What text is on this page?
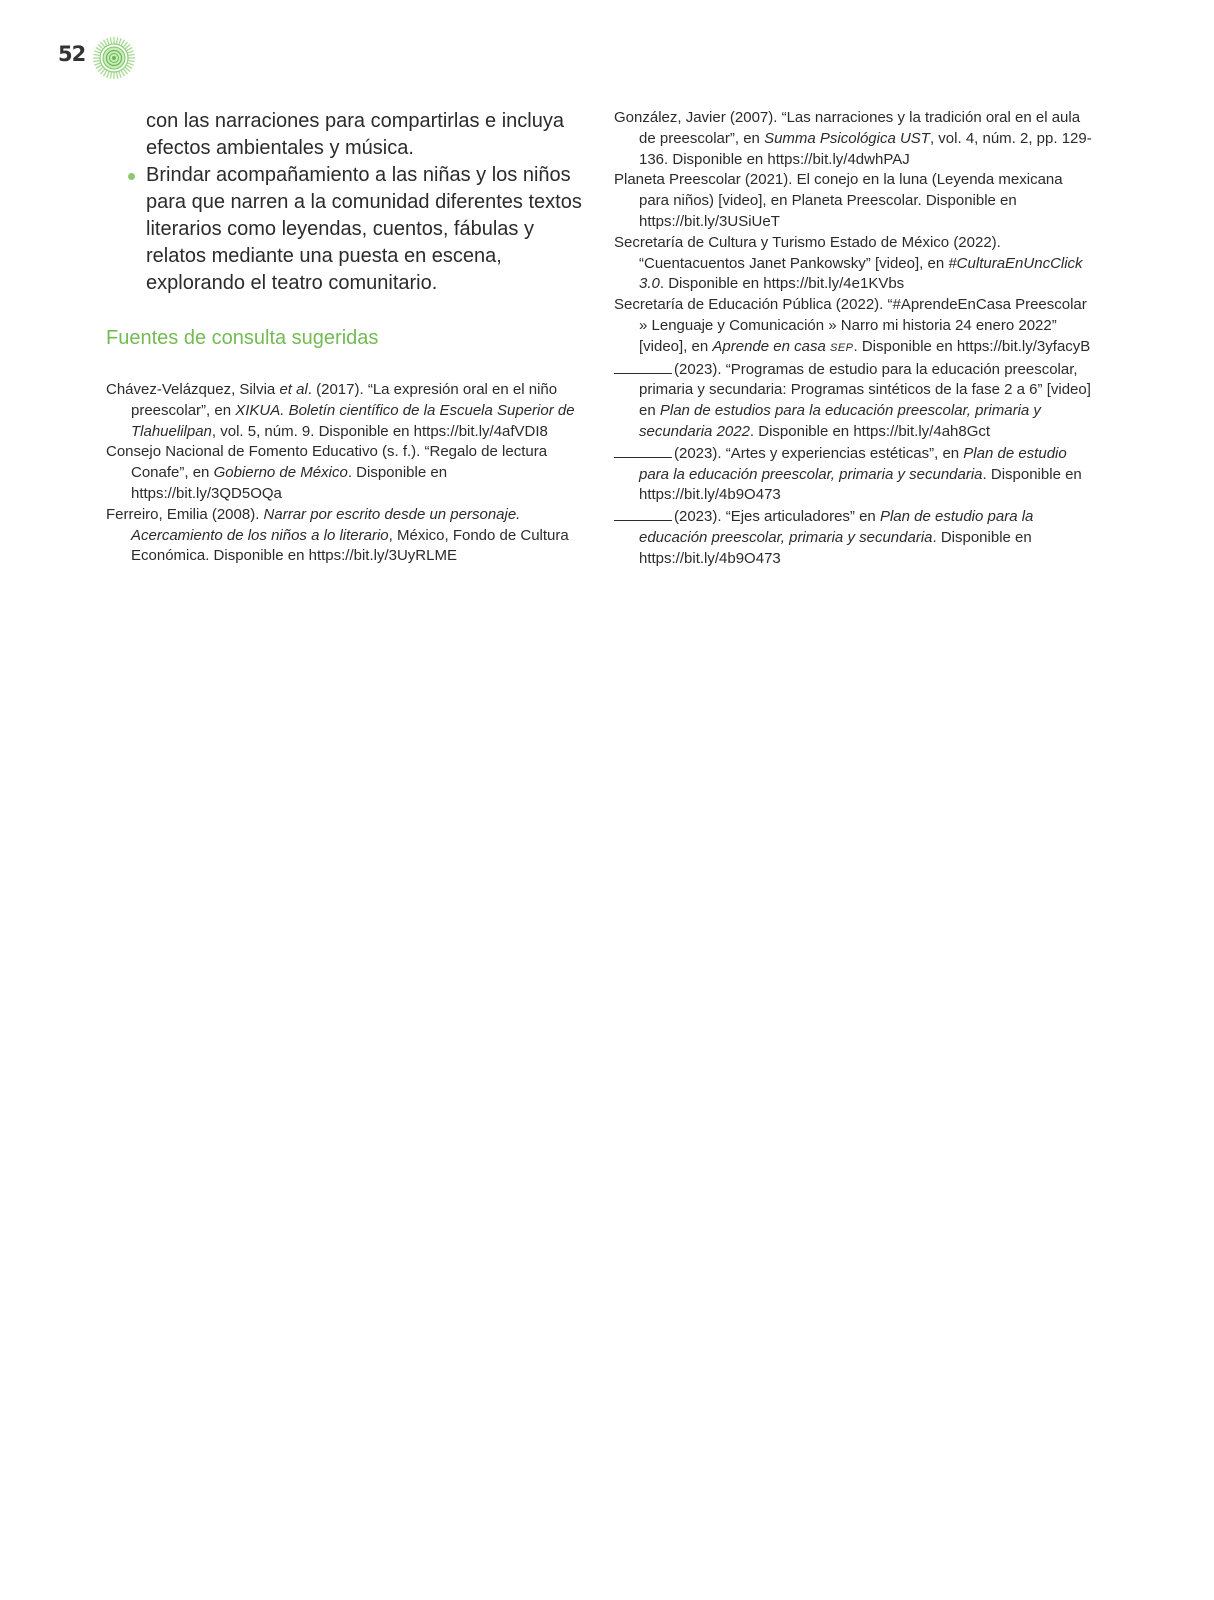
52

con las narraciones para compartirlas e incluya efectos ambientales y música.

Brindar acompañamiento a las niñas y los niños para que narren a la comunidad diferentes textos literarios como leyendas, cuentos, fábulas y relatos mediante una puesta en escena, explorando el teatro comunitario.
Fuentes de consulta sugeridas

Chávez-Velázquez, Silvia et al. (2017). “La expresión oral en el niño preescolar”, en XIKUA. Boletín científico de la Escuela Superior de Tlahuelilpan, vol. 5, núm. 9. Disponible en https://bit.ly/4afVDI8

Consejo Nacional de Fomento Educativo (s. f.). “Regalo de lectura Conafe”, en Gobierno de México. Disponible en https://bit.ly/3QD5OQa

Ferreiro, Emilia (2008). Narrar por escrito desde un personaje. Acercamiento de los niños a lo literario, México, Fondo de Cultura Económica. Disponible en https://bit.ly/3UyRLME

González, Javier (2007). “Las narraciones y la tradición oral en el aula de preescolar”, en Summa Psicológica UST, vol. 4, núm. 2, pp. 129-136. Disponible en https://bit.ly/4dwhPAJ

Planeta Preescolar (2021). El conejo en la luna (Leyenda mexicana para niños) [video], en Planeta Preescolar. Disponible en https://bit.ly/3USiUeT

Secretaría de Cultura y Turismo Estado de México (2022). “Cuentacuentos Janet Pankowsky” [video], en #CulturaEnUncClick 3.0. Disponible en https://bit.ly/4e1KVbs

Secretaría de Educación Pública (2022). “#AprendeEnCasa Preescolar » Lenguaje y Comunicación » Narro mi historia 24 enero 2022” [video], en Aprende en casa SEP. Disponible en https://bit.ly/3yfacyB

(2023). “Programas de estudio para la educación preescolar, primaria y secundaria: Programas sintéticos de la fase 2 a 6” [video] en Plan de estudios para la educación preescolar, primaria y secundaria 2022. Disponible en https://bit.ly/4ah8Gct

(2023). “Artes y experiencias estéticas”, en Plan de estudio para la educación preescolar, primaria y secundaria. Disponible en https://bit.ly/4b9O473

(2023). “Ejes articuladores” en Plan de estudio para la educación preescolar, primaria y secundaria. Disponible en https://bit.ly/4b9O473
